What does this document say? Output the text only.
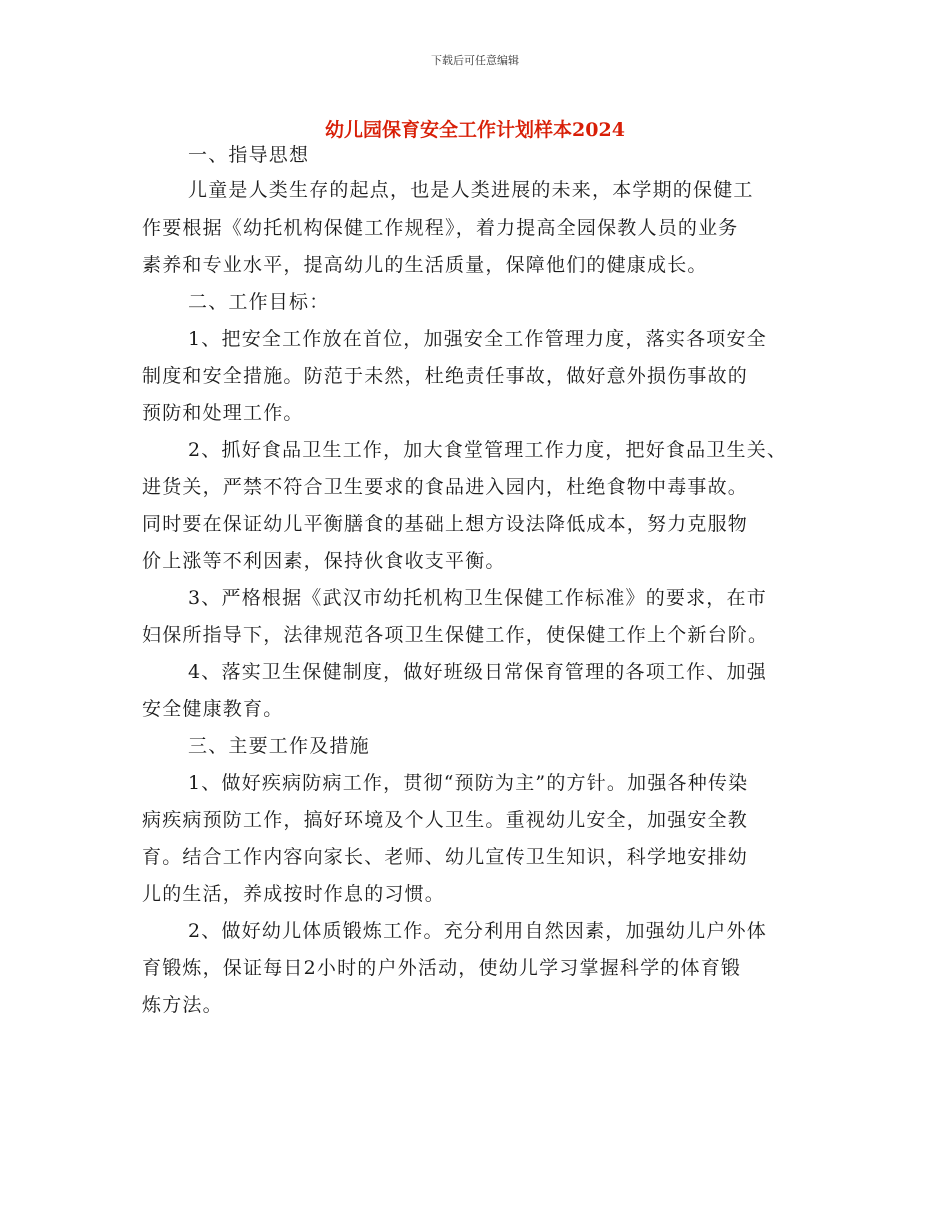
下载后可任意编辑
幼儿园保育安全工作计划样本2024
一、指导思想
儿童是人类生存的起点，也是人类进展的未来，本学期的保健工
作要根据《幼托机构保健工作规程》，着力提高全园保教人员的业务
素养和专业水平，提高幼儿的生活质量，保障他们的健康成长。
二、工作目标：
1、把安全工作放在首位，加强安全工作管理力度，落实各项安全
制度和安全措施。防范于未然，杜绝责任事故，做好意外损伤事故的
预防和处理工作。
2、抓好食品卫生工作，加大食堂管理工作力度，把好食品卫生关、
进货关，严禁不符合卫生要求的食品进入园内，杜绝食物中毒事故。
同时要在保证幼儿平衡膳食的基础上想方设法降低成本，努力克服物
价上涨等不利因素，保持伙食收支平衡。
3、严格根据《武汉市幼托机构卫生保健工作标准》的要求，在市
妇保所指导下，法律规范各项卫生保健工作，使保健工作上个新台阶。
4、落实卫生保健制度，做好班级日常保育管理的各项工作、加强
安全健康教育。
三、主要工作及措施
1、做好疾病防病工作，贯彻“预防为主”的方针。加强各种传染
病疾病预防工作，搞好环境及个人卫生。重视幼儿安全，加强安全教
育。结合工作内容向家长、老师、幼儿宣传卫生知识，科学地安排幼
儿的生活，养成按时作息的习惯。
2、做好幼儿体质锻炼工作。充分利用自然因素，加强幼儿户外体
育锻炼，保证每日2小时的户外活动，使幼儿学习掌握科学的体育锻
炼方法。
